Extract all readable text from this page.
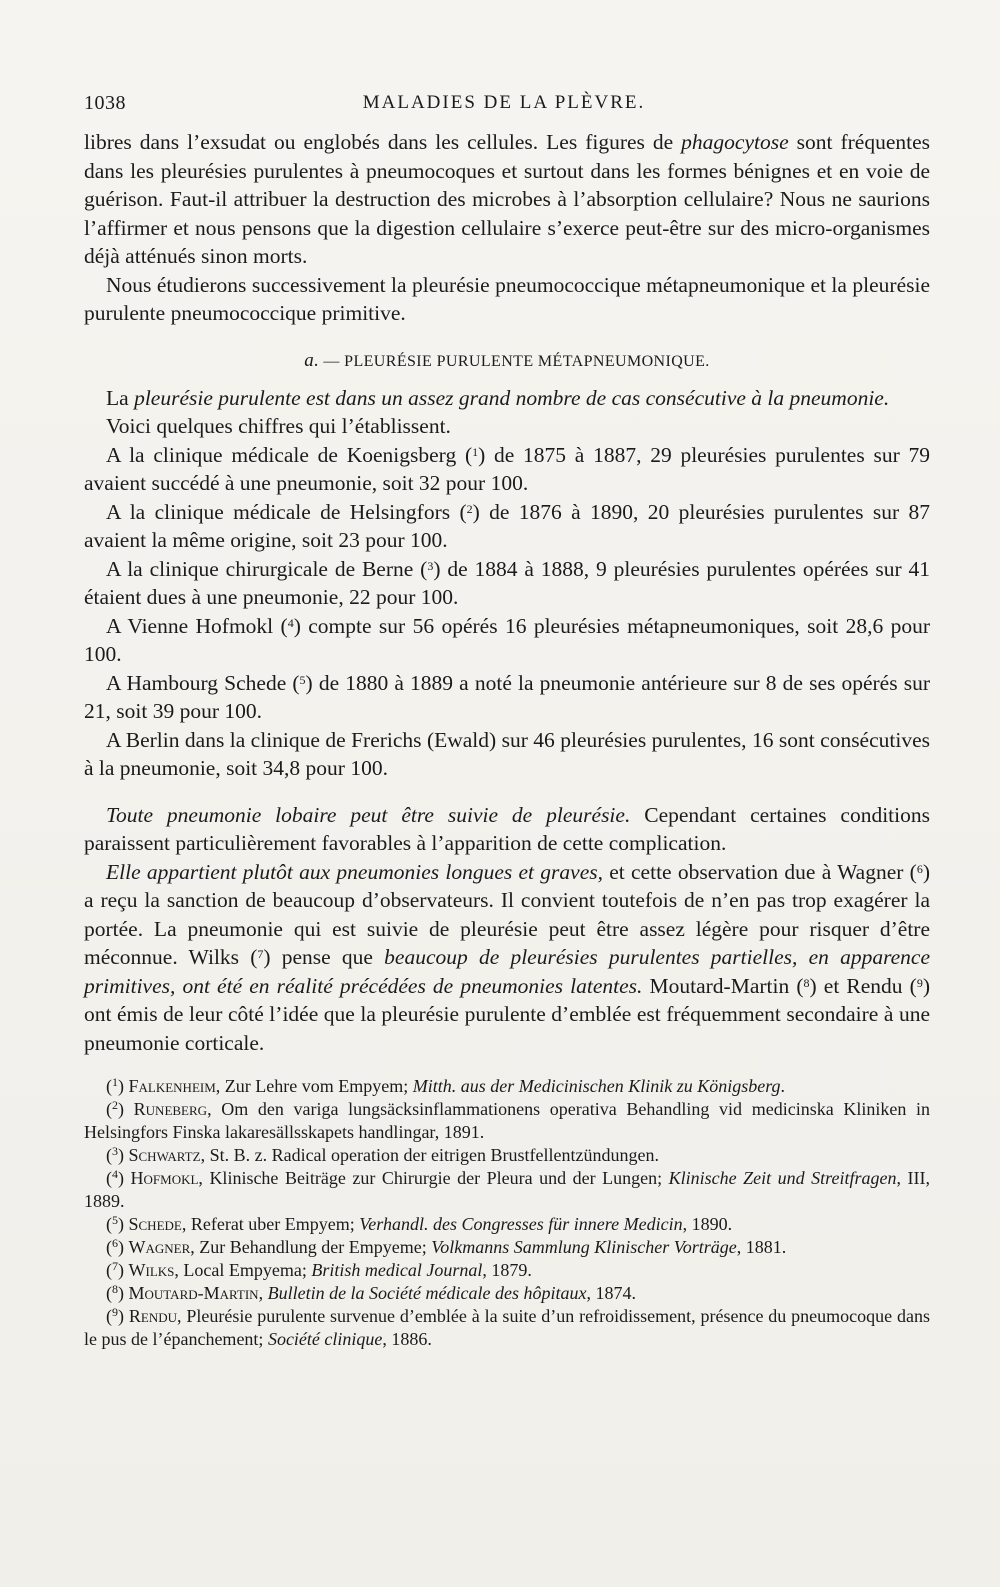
1038	MALADIES DE LA PLÈVRE.

libres dans l’exsudat ou englobés dans les cellules. Les figures de phagocytose sont fréquentes dans les pleurésies purulentes à pneumocoques et surtout dans les formes bénignes et en voie de guérison. Faut-il attribuer la destruction des microbes à l’absorption cellulaire? Nous ne saurions l’affirmer et nous pensons que la digestion cellulaire s’exerce peut-être sur des micro-organismes déjà atténués sinon morts.

Nous étudierons successivement la pleurésie pneumococcique métapneumonique et la pleurésie purulente pneumococcique primitive.

a. — PLEURÉSIE PURULENTE MÉTAPNEUMONIQUE.

La pleurésie purulente est dans un assez grand nombre de cas consécutive à la pneumonie.

Voici quelques chiffres qui l’établissent.

A la clinique médicale de Koenigsberg ($^1$) de 1875 à 1887, 29 pleurésies purulentes sur 79 avaient succédé à une pneumonie, soit 32 pour 100.

A la clinique médicale de Helsingfors ($^2$) de 1876 à 1890, 20 pleurésies purulentes sur 87 avaient la même origine, soit 23 pour 100.

A la clinique chirurgicale de Berne ($^3$) de 1884 à 1888, 9 pleurésies purulentes opérées sur 41 étaient dues à une pneumonie, 22 pour 100.

A Vienne Hofmokl ($^4$) compte sur 56 opérés 16 pleurésies métapneumoniques, soit 28,6 pour 100.

A Hambourg Schede ($^5$) de 1880 à 1889 a noté la pneumonie antérieure sur 8 de ses opérés sur 21, soit 39 pour 100.

A Berlin dans la clinique de Frerichs (Ewald) sur 46 pleurésies purulentes, 16 sont consécutives à la pneumonie, soit 34,8 pour 100.

Toute pneumonie lobaire peut être suivie de pleurésie. Cependant certaines conditions paraissent particulièrement favorables à l’apparition de cette complication.

Elle appartient plutôt aux pneumonies longues et graves, et cette observation due à Wagner ($^6$) a reçu la sanction de beaucoup d’observateurs. Il convient toutefois de n’en pas trop exagérer la portée. La pneumonie qui est suivie de pleurésie peut être assez légère pour risquer d’être méconnue. Wilks ($^7$) pense que beaucoup de pleurésies purulentes partielles, en apparence primitives, ont été en réalité précédées de pneumonies latentes. Moutard-Martin ($^8$) et Rendu ($^9$) ont émis de leur côté l’idée que la pleurésie purulente d’emblée est fréquemment secondaire à une pneumonie corticale.

($^1$) Falkenheim, Zur Lehre vom Empyem; Mitth. aus der Medicinischen Klinik zu Königsberg.

($^2$) Runeberg, Om den variga lungsäcksinflammationens operativa Behandling vid medicinska Kliniken in Helsingfors Finska lakaresällsskapets handlingar, 1891.

($^3$) Schwartz, St. B. z. Radical operation der eitrigen Brustfellentzündungen.

($^4$) Hofmokl, Klinische Beiträge zur Chirurgie der Pleura und der Lungen; Klinische Zeit und Streitfragen, III, 1889.

($^5$) Schede, Referat uber Empyem; Verhandl. des Congresses für innere Medicin, 1890.

($^6$) Wagner, Zur Behandlung der Empyeme; Volkmanns Sammlung Klinischer Vorträge, 1881.

($^7$) Wilks, Local Empyema; British medical Journal, 1879.

($^8$) Moutard-Martin, Bulletin de la Société médicale des hôpitaux, 1874.

($^9$) Rendu, Pleurésie purulente survenue d’emblée à la suite d’un refroidissement, présence du pneumocoque dans le pus de l’épanchement; Société clinique, 1886.
